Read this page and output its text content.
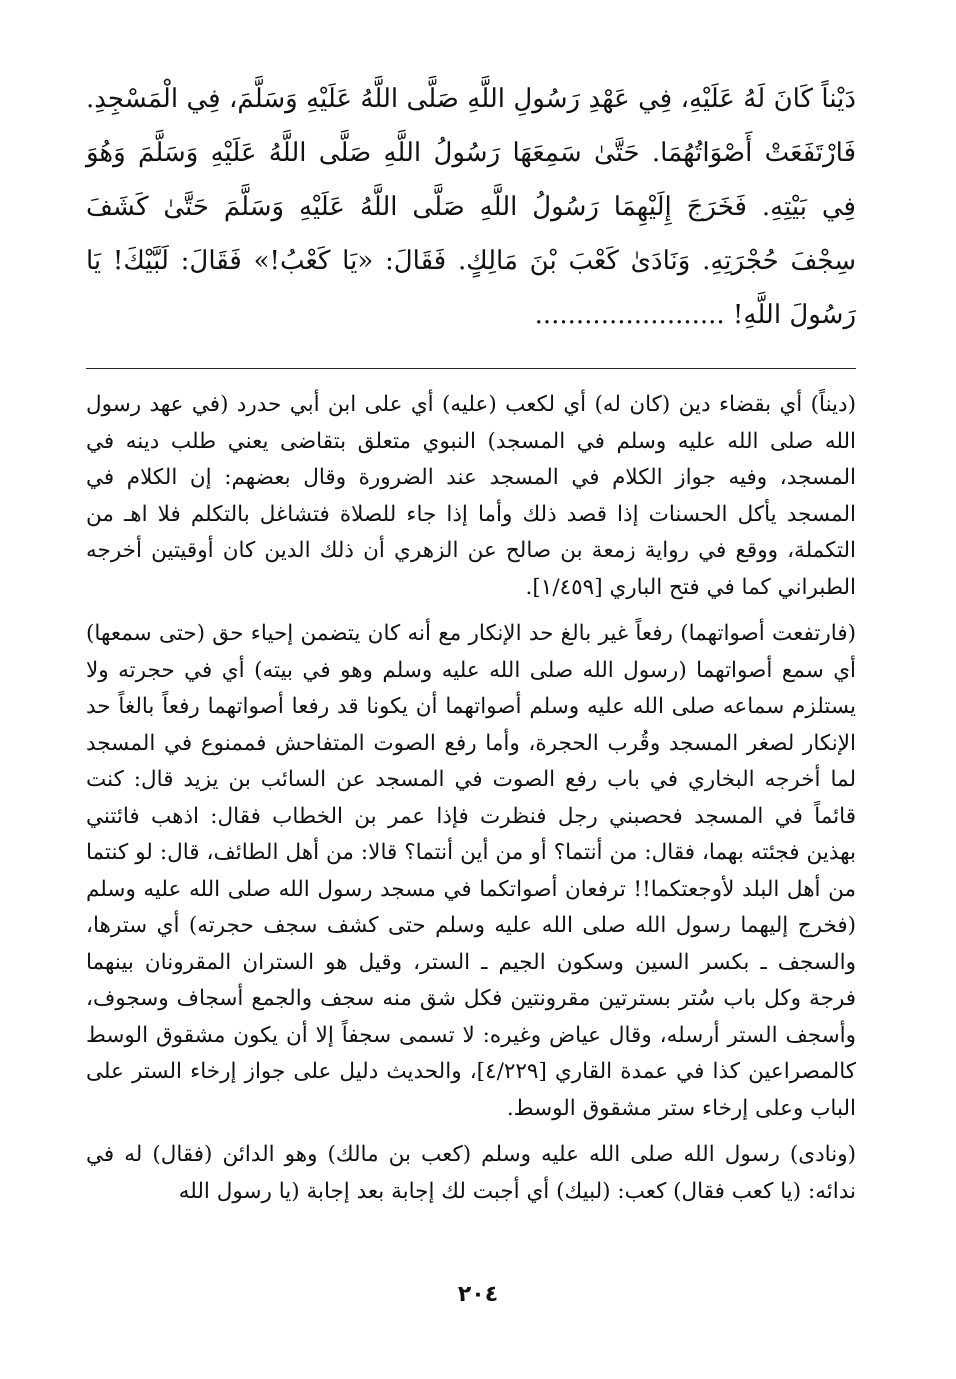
دَيْناً كَانَ لَهُ عَلَيْهِ، فِي عَهْدِ رَسُولِ اللَّهِ صَلَّى اللَّهُ عَلَيْهِ وَسَلَّمَ، فِي الْمَسْجِدِ. فَارْتَفَعَتْ أَصْوَاتُهُمَا. حَتَّىٰ سَمِعَهَا رَسُولُ اللَّهِ صَلَّى اللَّهُ عَلَيْهِ وَسَلَّمَ وَهُوَ فِي بَيْتِهِ. فَخَرَجَ إِلَيْهِمَا رَسُولُ اللَّهِ صَلَّى اللَّهُ عَلَيْهِ وَسَلَّمَ حَتَّىٰ كَشَفَ سِجْفَ حُجْرَتِهِ. وَنَادَىٰ كَعْبَ بْنَ مَالِكٍ. فَقَالَ: «يَا كَعْبُ!» فَقَالَ: لَبَّيْكَ! يَا رَسُولَ اللَّهِ! .......................

(ديناً) أي بقضاء دين (كان له) أي لكعب (عليه) أي على ابن أبي حدرد (في عهد رسول الله صلى الله عليه وسلم في المسجد) النبوي متعلق بتقاضى يعني طلب دينه في المسجد، وفيه جواز الكلام في المسجد عند الضرورة وقال بعضهم: إن الكلام في المسجد يأكل الحسنات إذا قصد ذلك وأما إذا جاء للصلاة فتشاغل بالتكلم فلا اهـ من التكملة، ووقع في رواية زمعة بن صالح عن الزهري أن ذلك الدين كان أوقيتين أخرجه الطبراني كما في فتح الباري [١/٤٥٩].

(فارتفعت أصواتهما) رفعاً غير بالغ حد الإنكار مع أنه كان يتضمن إحياء حق (حتى سمعها) أي سمع أصواتهما (رسول الله صلى الله عليه وسلم وهو في بيته) أي في حجرته ولا يستلزم سماعه صلى الله عليه وسلم أصواتهما أن يكونا قد رفعا أصواتهما رفعاً بالغاً حد الإنكار لصغر المسجد وقُرب الحجرة، وأما رفع الصوت المتفاحش فممنوع في المسجد لما أخرجه البخاري في باب رفع الصوت في المسجد عن السائب بن يزيد قال: كنت قائماً في المسجد فحصبني رجل فنظرت فإذا عمر بن الخطاب فقال: اذهب فائتني بهذين فجئته بهما، فقال: من أنتما؟ أو من أين أنتما؟ قالا: من أهل الطائف، قال: لو كنتما من أهل البلد لأوجعتكما!! ترفعان أصواتكما في مسجد رسول الله صلى الله عليه وسلم (فخرج إليهما رسول الله صلى الله عليه وسلم حتى كشف سجف حجرته) أي سترها، والسجف ـ بكسر السين وسكون الجيم ـ الستر، وقيل هو الستران المقرونان بينهما فرجة وكل باب سُتر بسترتين مقرونتين فكل شق منه سجف والجمع أسجاف وسجوف، وأسجف الستر أرسله، وقال عياض وغيره: لا تسمى سجفاً إلا أن يكون مشقوق الوسط كالمصراعين كذا في عمدة القاري [٤/٢٢٩]، والحديث دليل على جواز إرخاء الستر على الباب وعلى إرخاء ستر مشقوق الوسط.

(ونادى) رسول الله صلى الله عليه وسلم (كعب بن مالك) وهو الدائن (فقال) له في ندائه: (يا كعب فقال) كعب: (لبيك) أي أجبت لك إجابة بعد إجابة (يا رسول الله

٢٠٤
